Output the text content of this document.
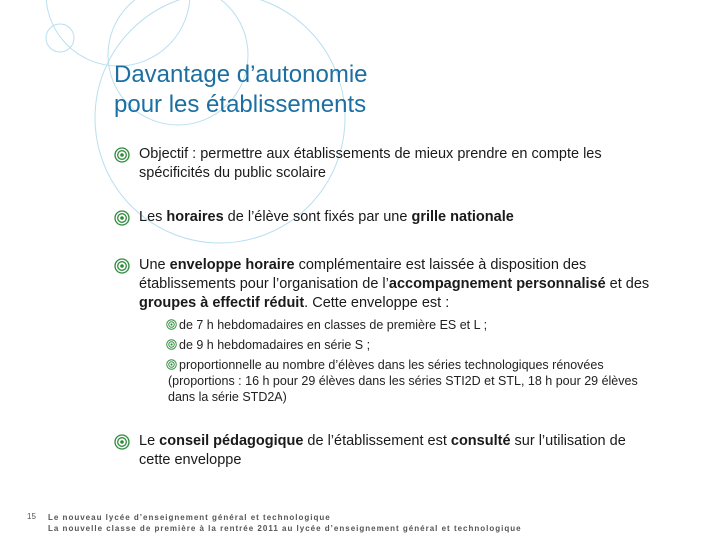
Davantage d’autonomie
pour les établissements
Objectif : permettre aux établissements de mieux prendre en compte les
spécificités du public scolaire
Les horaires de l’élève sont fixés par une grille nationale
Une enveloppe horaire complémentaire est laissée à disposition des
établissements pour l’organisation de l’accompagnement personnalisé et des
groupes à effectif réduit. Cette enveloppe est :
de 7 h hebdomadaires en classes de première ES et L ;
de 9 h hebdomadaires en série S ;
proportionnelle au nombre d’élèves dans les séries technologiques rénovées
(proportions : 16 h pour 29 élèves dans les séries STI2D et STL, 18 h pour 29 élèves
dans la série STD2A)
Le conseil pédagogique de l’établissement est consulté sur l’utilisation de
cette enveloppe
15 Le nouveau lycée d’enseignement général et technologique
La nouvelle classe de première à la rentrée 2011 au lycée d’enseignement général et technologique
